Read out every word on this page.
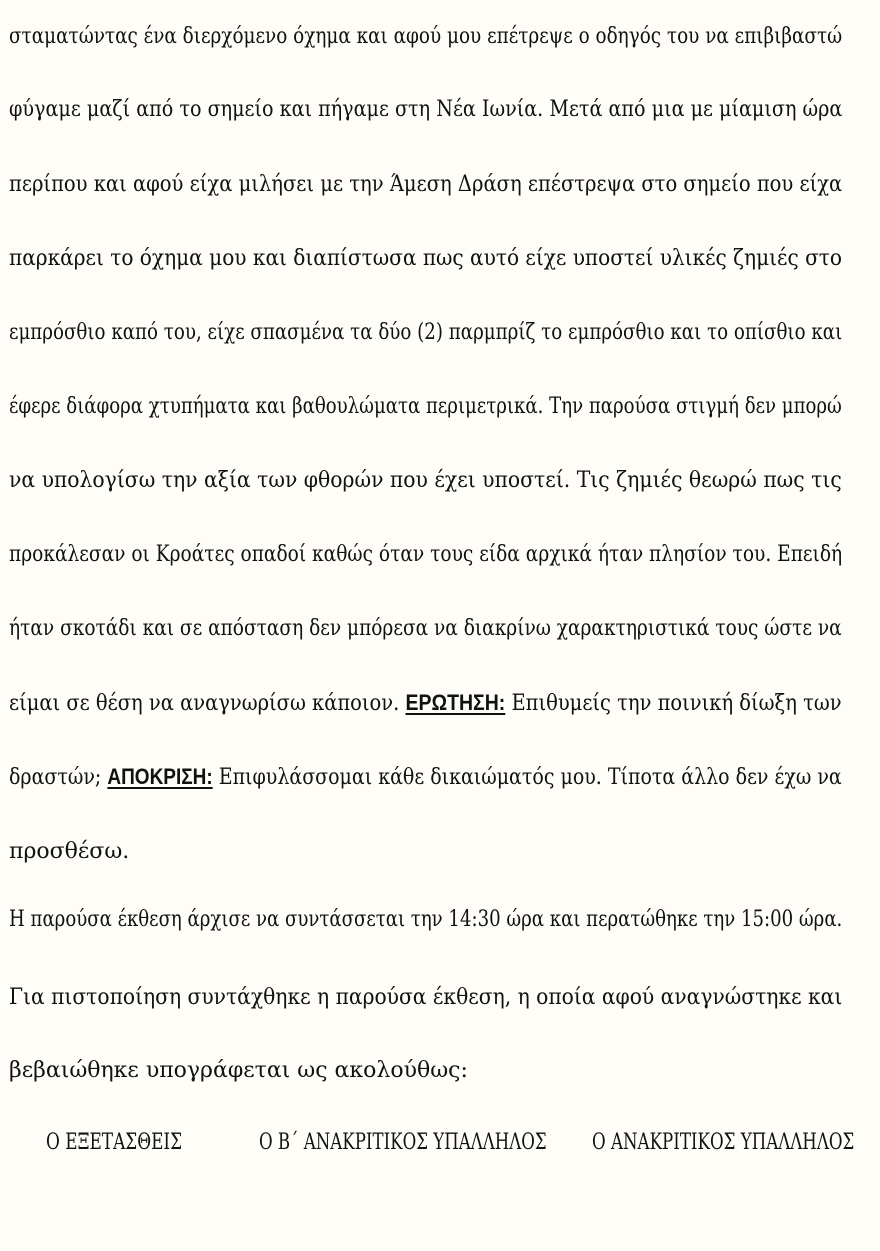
σταματώντας ένα διερχόμενο όχημα και αφού μου επέτρεψε ο οδηγός του να επιβιβαστώ
φύγαμε μαζί από το σημείο και πήγαμε στη Νέα Ιωνία. Μετά από μια με μίαμιση ώρα
περίπου και αφού είχα μιλήσει με την Άμεση Δράση επέστρεψα στο σημείο που είχα
παρκάρει το όχημα μου και διαπίστωσα πως αυτό είχε υποστεί υλικές ζημιές στο
εμπρόσθιο καπό του, είχε σπασμένα τα δύο (2) παρμπρίζ το εμπρόσθιο και το οπίσθιο και
έφερε διάφορα χτυπήματα και βαθουλώματα περιμετρικά. Την παρούσα στιγμή δεν μπορώ
να υπολογίσω την αξία των φθορών που έχει υποστεί. Τις ζημιές θεωρώ πως τις
προκάλεσαν οι Κροάτες οπαδοί καθώς όταν τους είδα αρχικά ήταν πλησίον του. Επειδή
ήταν σκοτάδι και σε απόσταση δεν μπόρεσα να διακρίνω χαρακτηριστικά τους ώστε να
είμαι σε θέση να αναγνωρίσω κάποιον. ΕΡΩΤΗΣΗ: Επιθυμείς την ποινική δίωξη των
δραστών; ΑΠΟΚΡΙΣΗ: Επιφυλάσσομαι κάθε δικαιώματός μου. Τίποτα άλλο δεν έχω να
προσθέσω.
Η παρούσα έκθεση άρχισε να συντάσσεται την 14:30 ώρα και περατώθηκε την 15:00 ώρα.
Για πιστοποίηση συντάχθηκε η παρούσα έκθεση, η οποία αφού αναγνώστηκε και
βεβαιώθηκε υπογράφεται ως ακολούθως:
Ο ΕΞΕΤΑΣΘΕΙΣ	Ο Β΄ ΑΝΑΚΡΙΤΙΚΟΣ ΥΠΑΛΛΗΛΟΣ Ο ΑΝΑΚΡΙΤΙΚΟΣ ΥΠΑΛΛΗΛΟΣ
